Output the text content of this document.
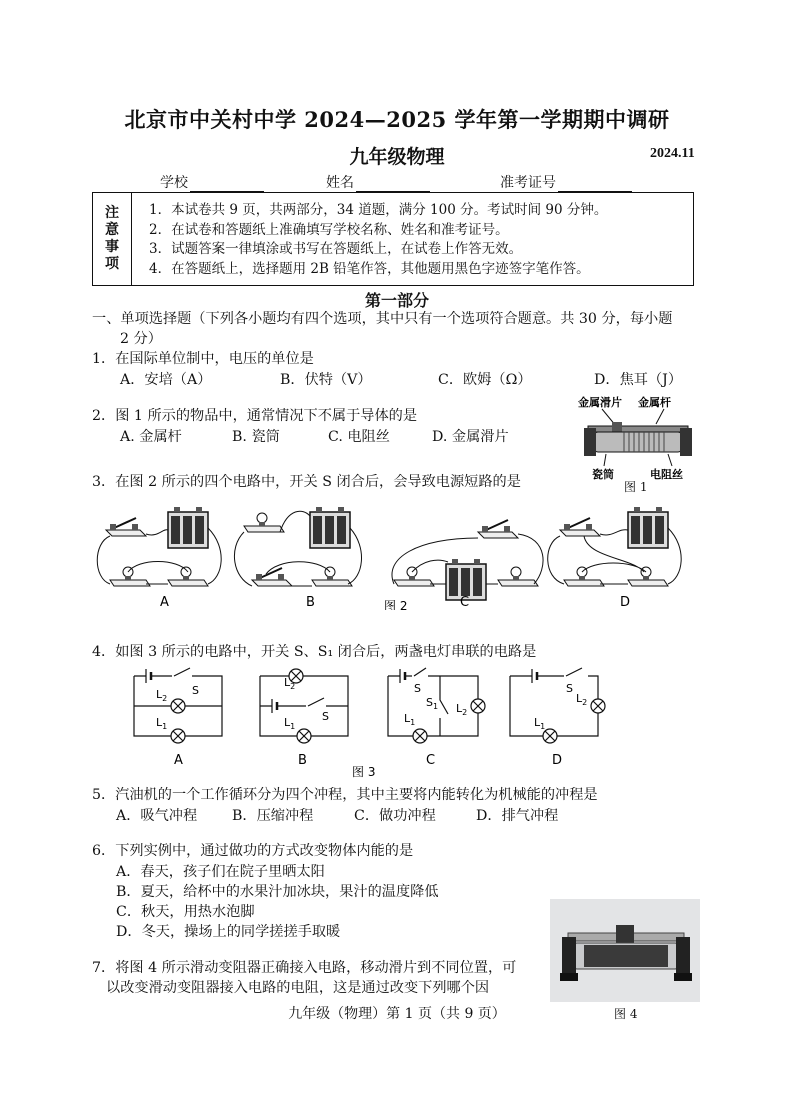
北京市中关村中学 2024—2025 学年第一学期期中调研
九年级物理	2024.11
学校	姓名	准考证号
注
意
事
项
1．本试卷共 9 页，共两部分，34 道题，满分 100 分。考试时间 90 分钟。
2．在试卷和答题纸上准确填写学校名称、姓名和准考证号。
3．试题答案一律填涂或书写在答题纸上，在试卷上作答无效。
4．在答题纸上，选择题用 2B 铅笔作答，其他题用黑色字迹签字笔作答。
第一部分
一、单项选择题（下列各小题均有四个选项，其中只有一个选项符合题意。共 30 分，每小题
2 分）
1．在国际单位制中，电压的单位是
A．安培（A）	B．伏特（V）	C．欧姆（Ω）	D．焦耳（J）
2．图 1 所示的物品中，通常情况下不属于导体的是
A. 金属杆	B. 瓷筒	C. 电阻丝	D. 金属滑片
金属滑片 金属杆
瓷筒	电阻丝
图 1
3．在图 2 所示的四个电路中，开关 S 闭合后，会导致电源短路的是
A	B	图 2	C	D
4．如图 3 所示的电路中，开关 S、S₁ 闭合后，两盏电灯串联的电路是
S
$L_2$
$L_1$
A
S
$L_2$
$L_1$
B
S
$S_1$ $L_2$
$L_1$
C
S
$L_2$
$L_1$
D
图 3
5．汽油机的一个工作循环分为四个冲程，其中主要将内能转化为机械能的冲程是
A．吸气冲程 B．压缩冲程	C．做功冲程	D．排气冲程
6．下列实例中，通过做功的方式改变物体内能的是
A．春天，孩子们在院子里晒太阳
B．夏天，给杯中的水果汁加冰块，果汁的温度降低
C．秋天，用热水泡脚
D．冬天，操场上的同学搓搓手取暖
7．将图 4 所示滑动变阻器正确接入电路，移动滑片到不同位置，可
以改变滑动变阻器接入电路的电阻，这是通过改变下列哪个因
图 4
九年级（物理）第 1 页（共 9 页）
